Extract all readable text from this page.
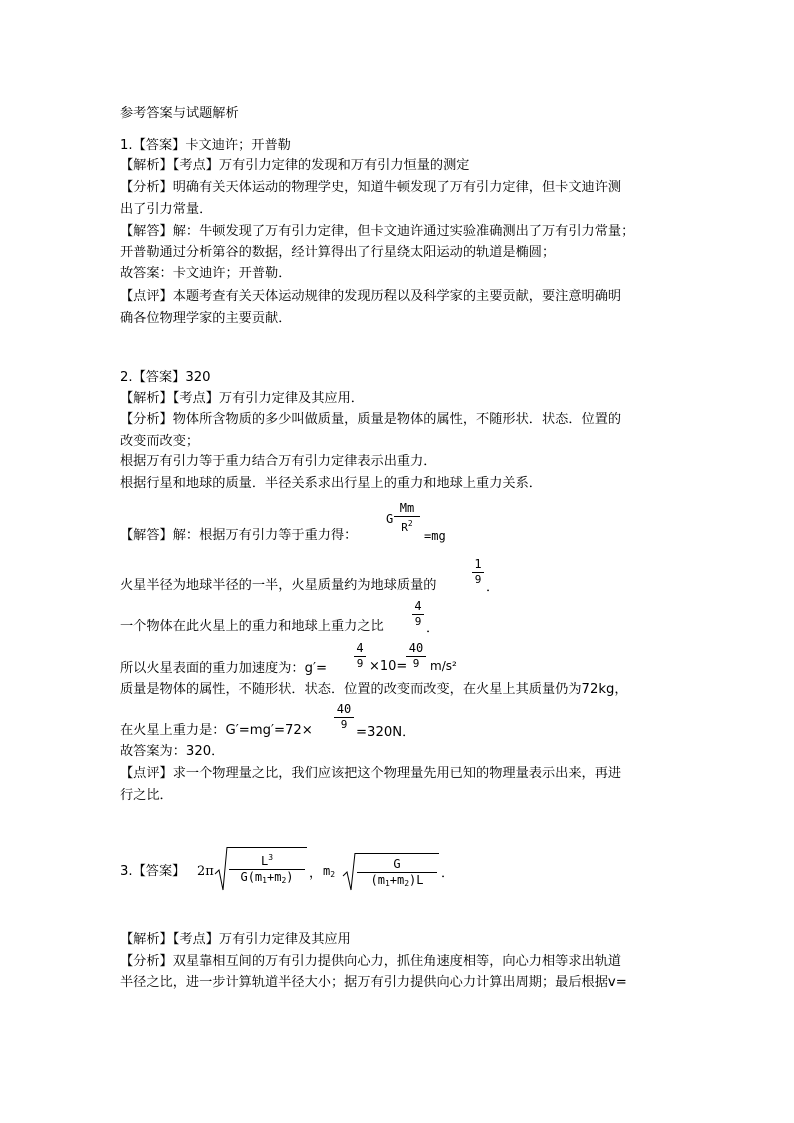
参考答案与试题解析
1.【答案】卡文迪许；开普勒
【解析】【考点】万有引力定律的发现和万有引力恒量的测定
【分析】明确有关天体运动的物理学史，知道牛顿发现了万有引力定律，但卡文迪许测
出了引力常量．
【解答】解：牛顿发现了万有引力定律，但卡文迪许通过实验准确测出了万有引力常量；
开普勒通过分析第谷的数据，经计算得出了行星绕太阳运动的轨道是椭圆；
故答案：卡文迪许；开普勒．
【点评】本题考查有关天体运动规律的发现历程以及科学家的主要贡献，要注意明确明
确各位物理学家的主要贡献．
2.【答案】320
【解析】【考点】万有引力定律及其应用．
【分析】物体所含物质的多少叫做质量，质量是物体的属性，不随形状．状态．位置的
改变而改变；
根据万有引力等于重力结合万有引力定律表示出重力．
根据行星和地球的质量．半径关系求出行星上的重力和地球上重力关系．
【解答】解：根据万有引力等于重力得：
G
Mm
$R^2$
=mg
火星半径为地球半径的一半，火星质量约为地球质量的
1
9
．
一个物体在此火星上的重力和地球上重力之比
4
9 ．
所以火星表面的重力加速度为：g′=
4
9 ×10=
40
9 m/s²
质量是物体的属性，不随形状．状态．位置的改变而改变，在火星上其质量仍为72kg，
在火星上重力是：G′=mg′=72×
40
9
=320N．
故答案为：320．
【点评】求一个物理量之比，我们应该把这个物理量先用已知的物理量表示出来，再进
行之比．
3.【答案】 2π
$L^3$
$G(m_1+m_2)$	， $m_2$
G
$(m_1+m_2)L$	．
【解析】【考点】万有引力定律及其应用
【分析】双星靠相互间的万有引力提供向心力，抓住角速度相等，向心力相等求出轨道
半径之比，进一步计算轨道半径大小；据万有引力提供向心力计算出周期；最后根据v=
